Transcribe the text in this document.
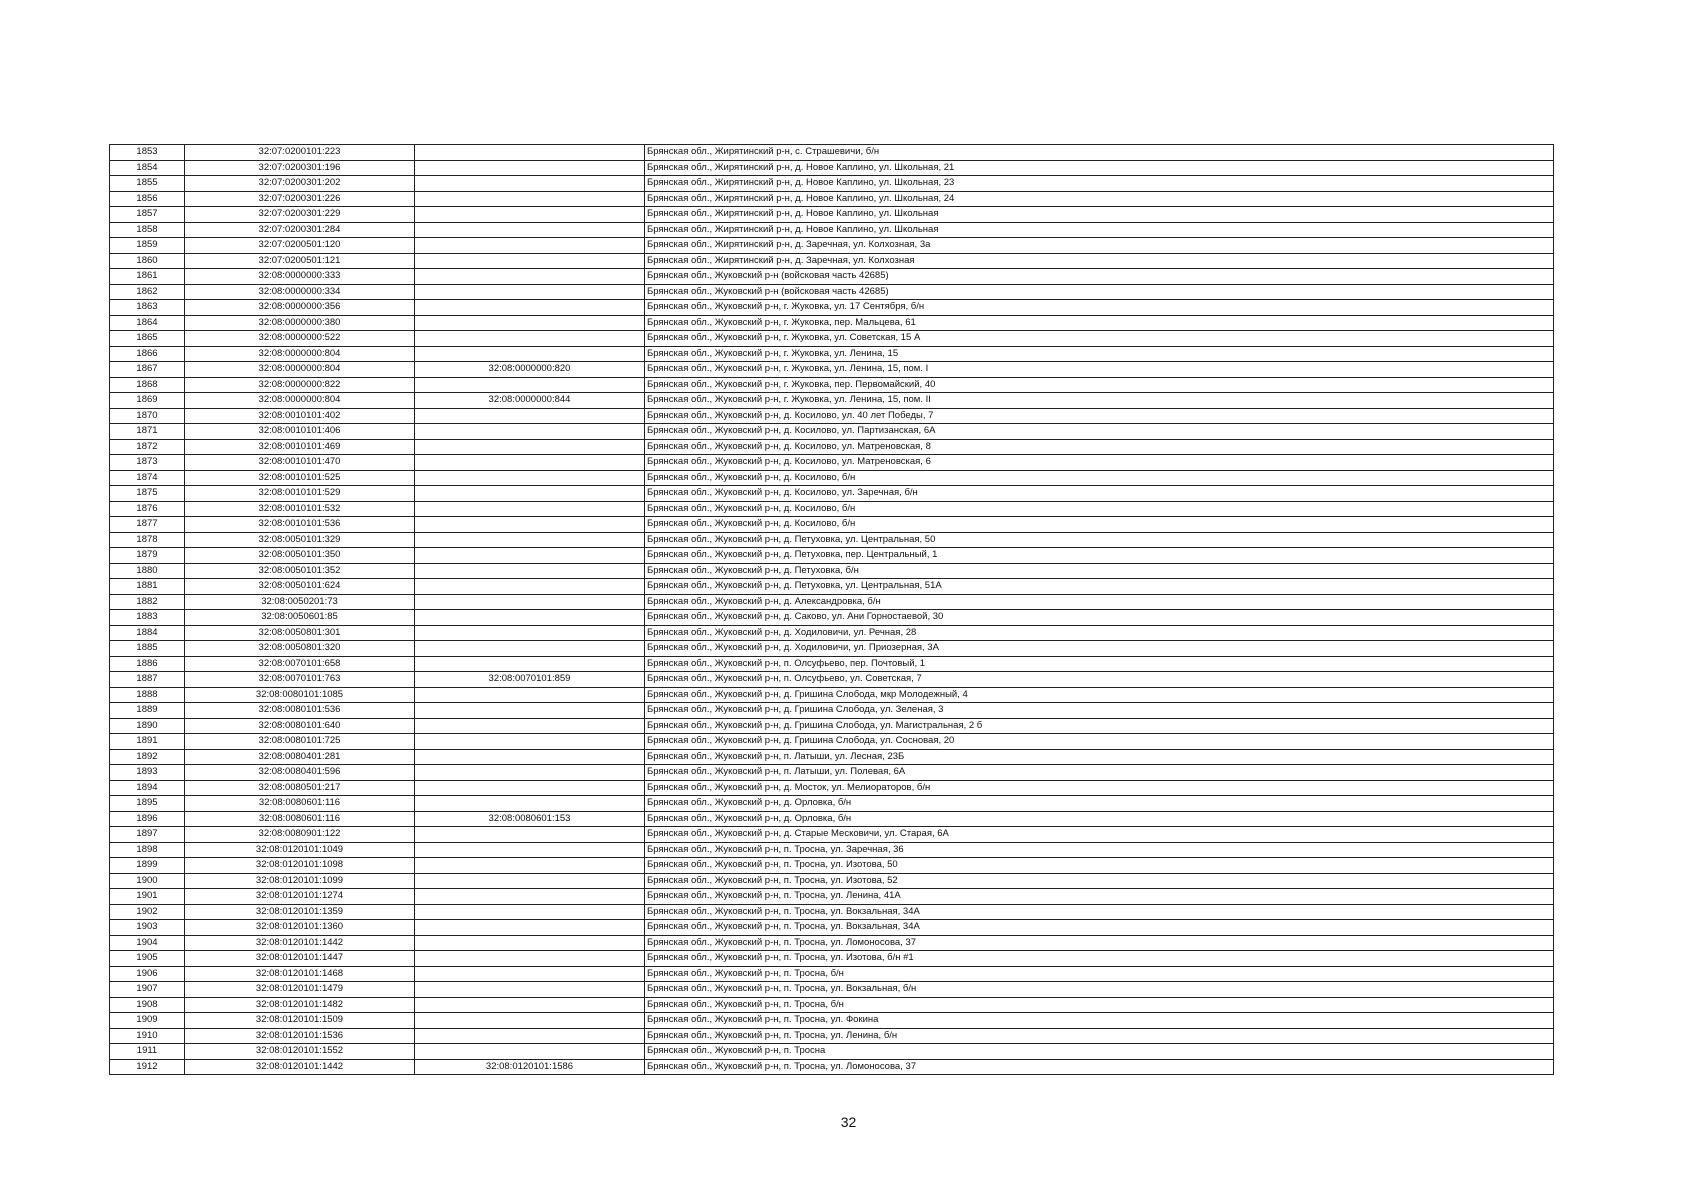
1853	32:07:0200101:223		Брянская обл., Жирятинский р-н, с. Страшевичи, б/н
1854	32:07:0200301:196		Брянская обл., Жирятинский р-н, д. Новое Каплино, ул. Школьная, 21
1855	32:07:0200301:202		Брянская обл., Жирятинский р-н, д. Новое Каплино, ул. Школьная, 23
1856	32:07:0200301:226		Брянская обл., Жирятинский р-н, д. Новое Каплино, ул. Школьная, 24
1857	32:07:0200301:229		Брянская обл., Жирятинский р-н, д. Новое Каплино, ул. Школьная
1858	32:07:0200301:284		Брянская обл., Жирятинский р-н, д. Новое Каплино, ул. Школьная
1859	32:07:0200501:120		Брянская обл., Жирятинский р-н, д. Заречная, ул. Колхозная, 3а
1860	32:07:0200501:121		Брянская обл., Жирятинский р-н, д. Заречная, ул. Колхозная
1861	32:08:0000000:333		Брянская обл., Жуковский р-н (войсковая часть 42685)
1862	32:08:0000000:334		Брянская обл., Жуковский р-н (войсковая часть 42685)
1863	32:08:0000000:356		Брянская обл., Жуковский р-н, г. Жуковка, ул. 17 Сентября, б/н
1864	32:08:0000000:380		Брянская обл., Жуковский р-н, г. Жуковка, пер. Мальцева, 61
1865	32:08:0000000:522		Брянская обл., Жуковский р-н, г. Жуковка, ул. Советская, 15 А
1866	32:08:0000000:804		Брянская обл., Жуковский р-н, г. Жуковка, ул. Ленина, 15
1867	32:08:0000000:804	32:08:0000000:820	Брянская обл., Жуковский р-н, г. Жуковка, ул. Ленина, 15, пом. I
1868	32:08:0000000:822		Брянская обл., Жуковский р-н, г. Жуковка, пер. Первомайский, 40
1869	32:08:0000000:804	32:08:0000000:844	Брянская обл., Жуковский р-н, г. Жуковка, ул. Ленина, 15, пом. II
1870	32:08:0010101:402		Брянская обл., Жуковский р-н, д. Косилово, ул. 40 лет Победы, 7
1871	32:08:0010101:406		Брянская обл., Жуковский р-н, д. Косилово, ул. Партизанская, 6А
1872	32:08:0010101:469		Брянская обл., Жуковский р-н, д. Косилово, ул. Матреновская, 8
1873	32:08:0010101:470		Брянская обл., Жуковский р-н, д. Косилово, ул. Матреновская, 6
1874	32:08:0010101:525		Брянская обл., Жуковский р-н, д. Косилово, б/н
1875	32:08:0010101:529		Брянская обл., Жуковский р-н, д. Косилово, ул. Заречная, б/н
1876	32:08:0010101:532		Брянская обл., Жуковский р-н, д. Косилово, б/н
1877	32:08:0010101:536		Брянская обл., Жуковский р-н, д. Косилово, б/н
1878	32:08:0050101:329		Брянская обл., Жуковский р-н, д. Петуховка, ул. Центральная, 50
1879	32:08:0050101:350		Брянская обл., Жуковский р-н, д. Петуховка, пер. Центральный, 1
1880	32:08:0050101:352		Брянская обл., Жуковский р-н, д. Петуховка, б/н
1881	32:08:0050101:624		Брянская обл., Жуковский р-н, д. Петуховка, ул. Центральная, 51А
1882	32:08:0050201:73		Брянская обл., Жуковский р-н, д. Александровка, б/н
1883	32:08:0050601:85		Брянская обл., Жуковский р-н, д. Саково, ул. Ани Горностаевой, 30
1884	32:08:0050801:301		Брянская обл., Жуковский р-н, д. Ходиловичи, ул. Речная, 28
1885	32:08:0050801:320		Брянская обл., Жуковский р-н, д. Ходиловичи, ул. Приозерная, 3А
1886	32:08:0070101:658		Брянская обл., Жуковский р-н, п. Олсуфьево, пер. Почтовый, 1
1887	32:08:0070101:763	32:08:0070101:859	Брянская обл., Жуковский р-н, п. Олсуфьево, ул. Советская, 7
1888	32:08:0080101:1085		Брянская обл., Жуковский р-н, д. Гришина Слобода, мкр Молодежный, 4
1889	32:08:0080101:536		Брянская обл., Жуковский р-н, д. Гришина Слобода, ул. Зеленая, 3
1890	32:08:0080101:640		Брянская обл., Жуковский р-н, д. Гришина Слобода, ул. Магистральная, 2 б
1891	32:08:0080101:725		Брянская обл., Жуковский р-н, д. Гришина Слобода, ул. Сосновая, 20
1892	32:08:0080401:281		Брянская обл., Жуковский р-н, п. Латыши, ул. Лесная, 23Б
1893	32:08:0080401:596		Брянская обл., Жуковский р-н, п. Латыши, ул. Полевая, 6А
1894	32:08:0080501:217		Брянская обл., Жуковский р-н, д. Мосток, ул. Мелиораторов, б/н
1895	32:08:0080601:116		Брянская обл., Жуковский р-н, д. Орловка, б/н
1896	32:08:0080601:116	32:08:0080601:153	Брянская обл., Жуковский р-н, д. Орловка, б/н
1897	32:08:0080901:122		Брянская обл., Жуковский р-н, д. Старые Месковичи, ул. Старая, 6А
1898	32:08:0120101:1049		Брянская обл., Жуковский р-н, п. Тросна, ул. Заречная, 36
1899	32:08:0120101:1098		Брянская обл., Жуковский р-н, п. Тросна, ул. Изотова, 50
1900	32:08:0120101:1099		Брянская обл., Жуковский р-н, п. Тросна, ул. Изотова, 52
1901	32:08:0120101:1274		Брянская обл., Жуковский р-н, п. Тросна, ул. Ленина, 41А
1902	32:08:0120101:1359		Брянская обл., Жуковский р-н, п. Тросна, ул. Вокзальная, 34А
1903	32:08:0120101:1360		Брянская обл., Жуковский р-н, п. Тросна, ул. Вокзальная, 34А
1904	32:08:0120101:1442		Брянская обл., Жуковский р-н, п. Тросна, ул. Ломоносова, 37
1905	32:08:0120101:1447		Брянская обл., Жуковский р-н, п. Тросна, ул. Изотова, б/н #1
1906	32:08:0120101:1468		Брянская обл., Жуковский р-н, п. Тросна, б/н
1907	32:08:0120101:1479		Брянская обл., Жуковский р-н, п. Тросна, ул. Вокзальная, б/н
1908	32:08:0120101:1482		Брянская обл., Жуковский р-н, п. Тросна, б/н
1909	32:08:0120101:1509		Брянская обл., Жуковский р-н, п. Тросна, ул. Фокина
1910	32:08:0120101:1536		Брянская обл., Жуковский р-н, п. Тросна, ул. Ленина, б/н
1911	32:08:0120101:1552		Брянская обл., Жуковский р-н, п. Тросна
1912	32:08:0120101:1442	32:08:0120101:1586	Брянская обл., Жуковский р-н, п. Тросна, ул. Ломоносова, 37
32
